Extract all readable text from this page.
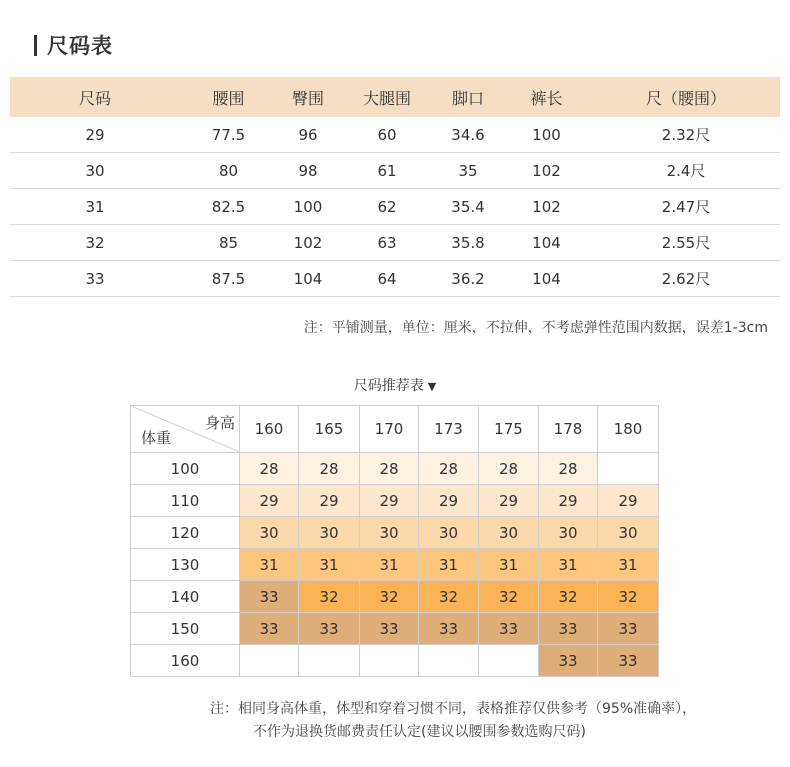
尺码表
尺码	腰围	臀围	大腿围	脚口	裤长	尺（腰围）
29	77.5	96	60	34.6	100	2.32尺
30	80	98	61	35	102	2.4尺
31	82.5	100	62	35.4	102	2.47尺
32	85	102	63	35.8	104	2.55尺
33	87.5	104	64	36.2	104	2.62尺
注：平铺测量，单位：厘米，不拉伸，不考虑弹性范围内数据，误差1-3cm
尺码推荐表 ▼
身高
体重	160	165	170	173	175	178	180
100	28	28	28	28	28	28	
110	29	29	29	29	29	29	29
120	30	30	30	30	30	30	30
130	31	31	31	31	31	31	31
140	33	32	32	32	32	32	32
150	33	33	33	33	33	33	33
160						33	33
注：相同身高体重，体型和穿着习惯不同，表格推荐仅供参考（95%准确率），
不作为退换货邮费责任认定(建议以腰围参数选购尺码)
